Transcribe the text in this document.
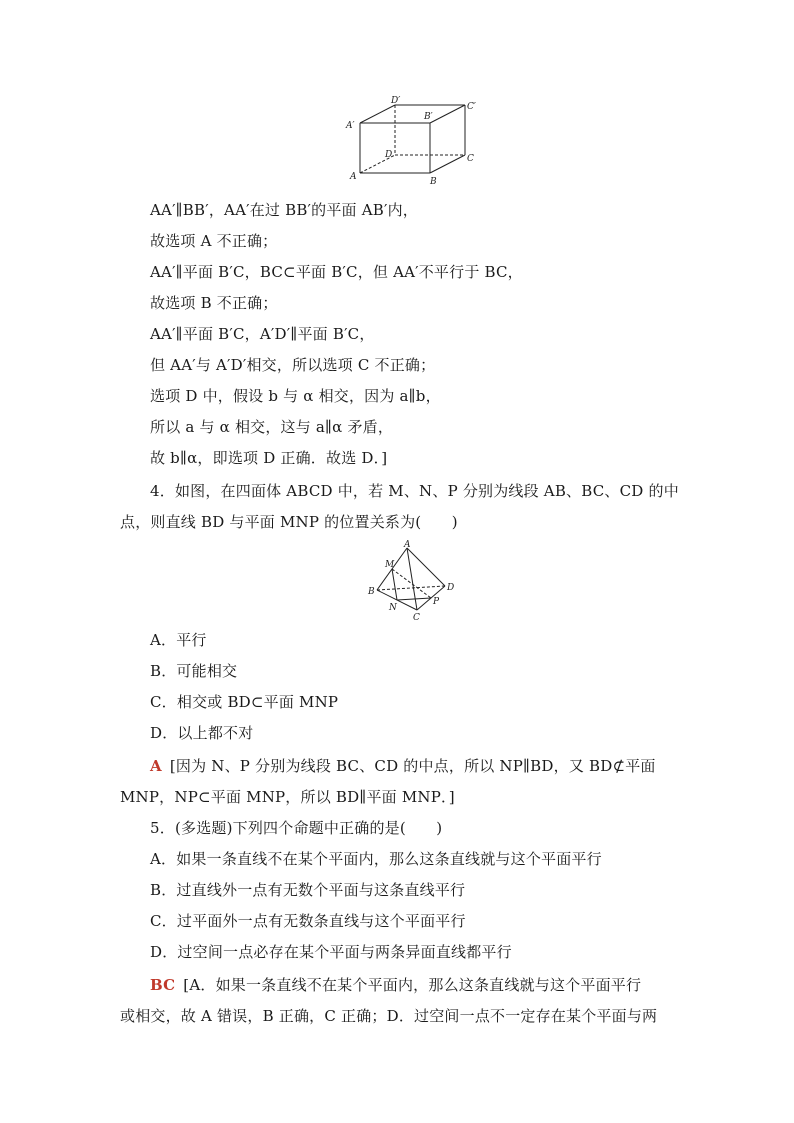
A	B
C
D
A′
B′
C′
D′
AA′∥BB′，AA′在过 BB′的平面 AB′内，
故选项 A 不正确；
AA′∥平面 B′C，BC⊂平面 B′C，但 AA′不平行于 BC，
故选项 B 不正确；
AA′∥平面 B′C，A′D′∥平面 B′C，
但 AA′与 A′D′相交，所以选项 C 不正确；
选项 D 中，假设 b 与 α 相交，因为 a∥b，
所以 a 与 α 相交，这与 a∥α 矛盾，
故 b∥α，即选项 D 正确．故选 D．]
4．如图，在四面体 ABCD 中，若 M、N、P 分别为线段 AB、BC、CD 的中
点，则直线 BD 与平面 MNP 的位置关系为(　　)
A
B
C
D
M
N
P
A．平行
B．可能相交
C．相交或 BD⊂平面 MNP
D．以上都不对
A [因为 N、P 分别为线段 BC、CD 的中点，所以 NP∥BD，又 BD⊄平面
MNP，NP⊂平面 MNP，所以 BD∥平面 MNP．]
5．(多选题)下列四个命题中正确的是(　　)
A．如果一条直线不在某个平面内，那么这条直线就与这个平面平行
B．过直线外一点有无数个平面与这条直线平行
C．过平面外一点有无数条直线与这个平面平行
D．过空间一点必存在某个平面与两条异面直线都平行
BC [A．如果一条直线不在某个平面内，那么这条直线就与这个平面平行
或相交，故 A 错误，B 正确，C 正确；D．过空间一点不一定存在某个平面与两
